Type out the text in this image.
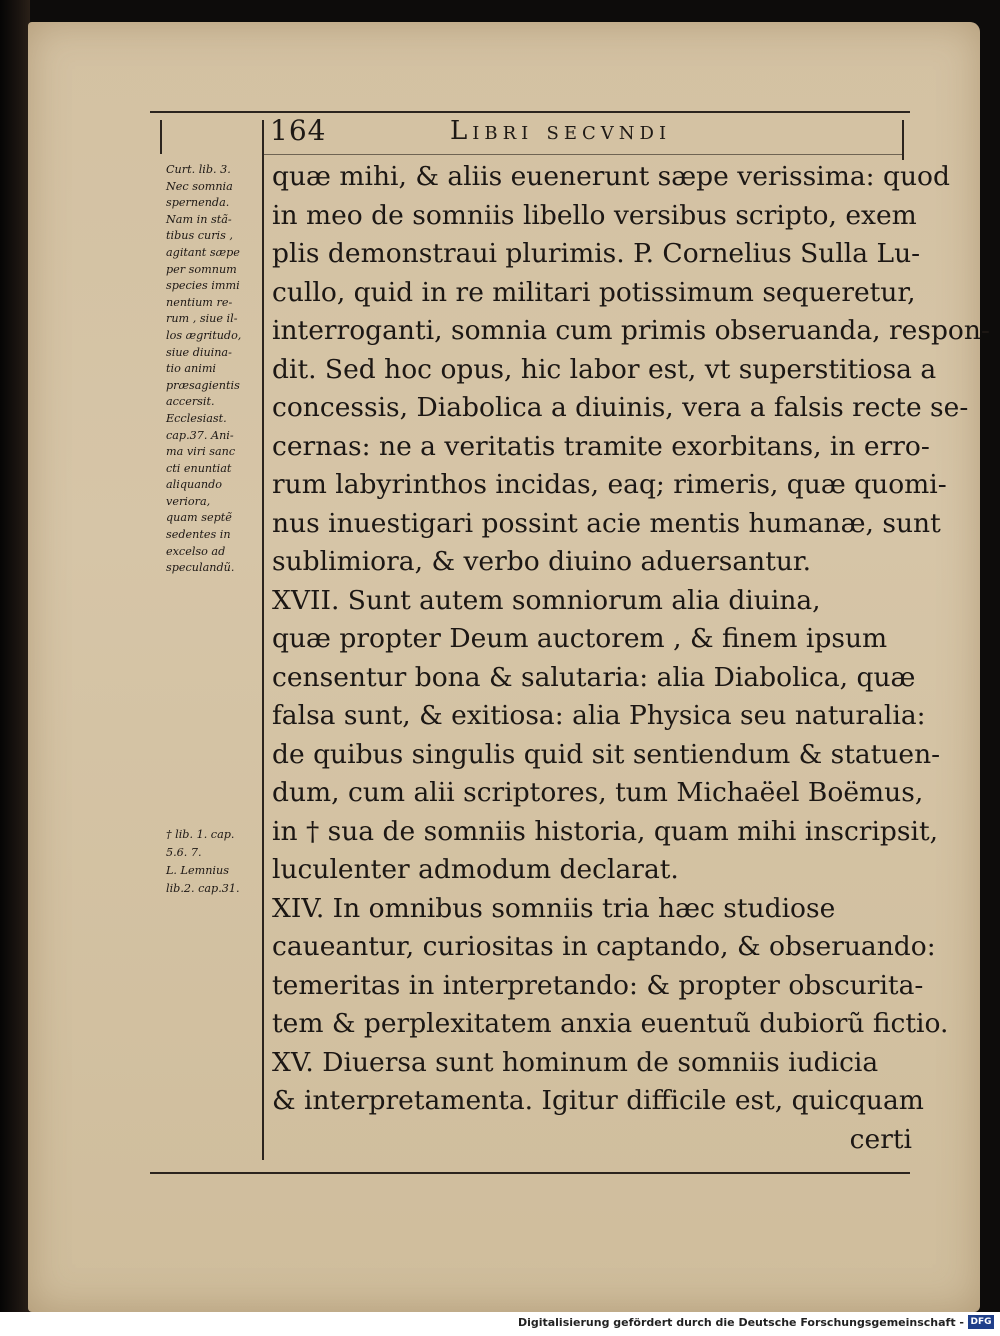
164	Libri secvndi
Curt. lib. 3.
Nec somnia
spernenda.
Nam in stã-
tibus curis ,
agitant sæpe
per somnum
species immi
nentium re-
rum , siue il-
los ægritudo,
siue diuina-
tio animi
præsagientis
accersit.
Ecclesiast.
cap.37. Ani-
ma viri sanc
cti enuntiat
aliquando
veriora,
quam septẽ
sedentes in
excelso ad
speculandũ.
† lib. 1. cap.
5.6. 7.
L. Lemnius
lib.2. cap.31.
quæ mihi, & aliis euenerunt sæpe verissima: quod
in meo de somniis libello versibus scripto, exem
plis demonstraui plurimis. P. Cornelius Sulla Lu-
cullo, quid in re militari potissimum sequeretur,
interroganti, somnia cum primis obseruanda, respon-
dit. Sed hoc opus, hic labor est, vt superstitiosa a
concessis, Diabolica a diuinis, vera a falsis recte se-
cernas: ne a veritatis tramite exorbitans, in erro-
rum labyrinthos incidas, eaq; rimeris, quæ quomi-
nus inuestigari possint acie mentis humanæ, sunt
sublimiora, & verbo diuino aduersantur.
XVII. Sunt autem somniorum alia diuina,
quæ propter Deum auctorem , & finem ipsum
censentur bona & salutaria: alia Diabolica, quæ
falsa sunt, & exitiosa: alia Physica seu naturalia:
de quibus singulis quid sit sentiendum & statuen-
dum, cum alii scriptores, tum Michaëel Boëmus,
in † sua de somniis historia, quam mihi inscripsit,
luculenter admodum declarat.
XIV. In omnibus somniis tria hæc studiose
caueantur, curiositas in captando, & obseruando:
temeritas in interpretando: & propter obscurita-
tem & perplexitatem anxia euentuũ dubiorũ fictio.
XV. Diuersa sunt hominum de somniis iudicia
& interpretamenta. Igitur difficile est, quicquam
certi
Digitalisierung gefördert durch die Deutsche Forschungsgemeinschaft - DFG
